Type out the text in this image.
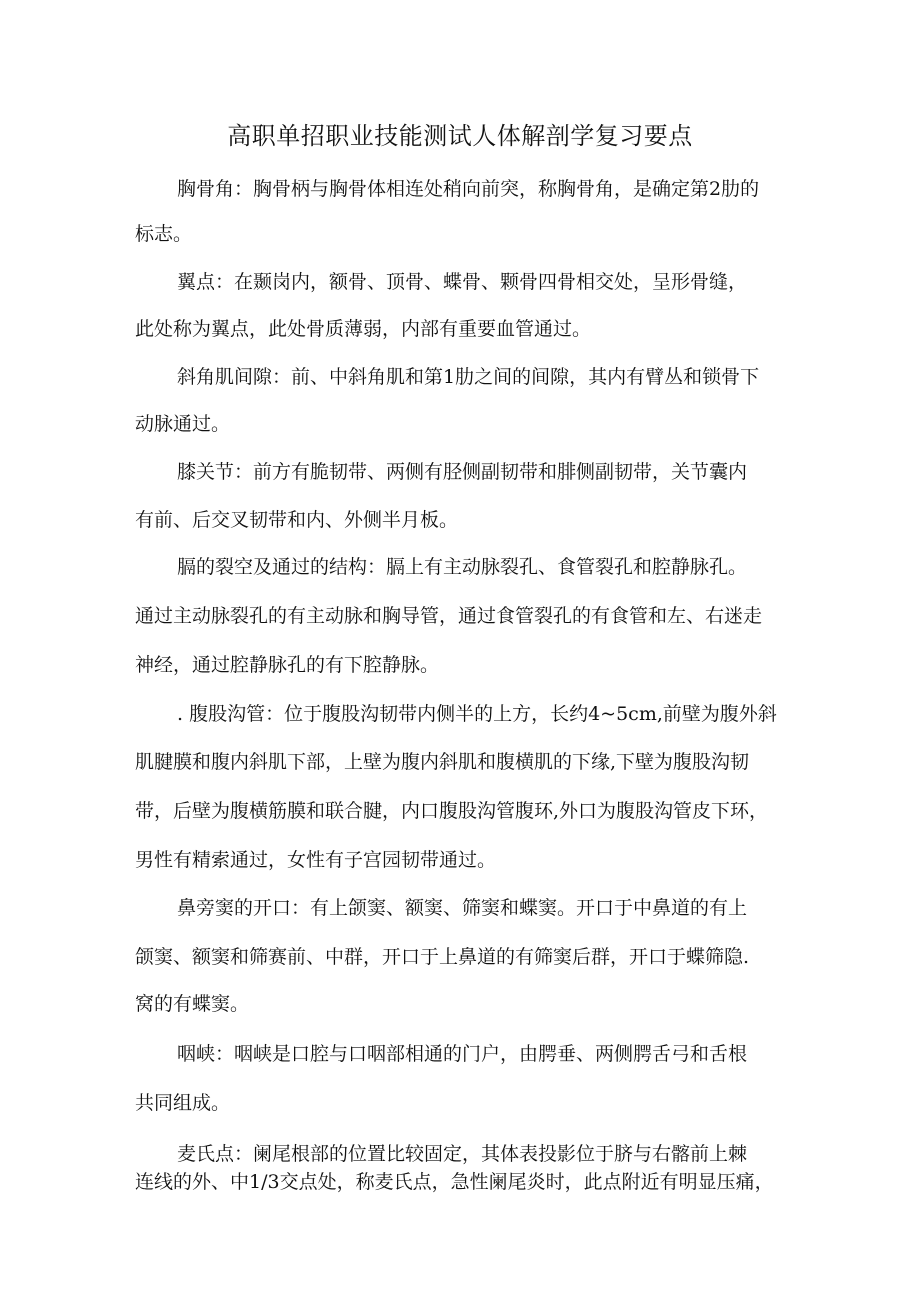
高职单招职业技能测试人体解剖学复习要点

胸骨角：胸骨柄与胸骨体相连处稍向前突，称胸骨角，是确定第2肋的

标志。

翼点：在颞岗内，额骨、顶骨、蝶骨、颗骨四骨相交处，呈形骨缝，

此处称为翼点，此处骨质薄弱，内部有重要血管通过。

斜角肌间隙：前、中斜角肌和第1肋之间的间隙，其内有臂丛和锁骨下

动脉通过。

膝关节：前方有脆韧带、两侧有胫侧副韧带和腓侧副韧带，关节囊内

有前、后交叉韧带和内、外侧半月板。

膈的裂空及通过的结构：膈上有主动脉裂孔、食管裂孔和腔静脉孔。

通过主动脉裂孔的有主动脉和胸导管，通过食管裂孔的有食管和左、右迷走

神经，通过腔静脉孔的有下腔静脉。

. 腹股沟管：位于腹股沟韧带内侧半的上方，长约4~5cm,前壁为腹外斜

肌腱膜和腹内斜肌下部，上壁为腹内斜肌和腹横肌的下缘,下壁为腹股沟韧

带，后壁为腹横筋膜和联合腱，内口腹股沟管腹环,外口为腹股沟管皮下环，

男性有精索通过，女性有子宫园韧带通过。

鼻旁窦的开口：有上颌窦、额窦、筛窦和蝶窦。开口于中鼻道的有上

颌窦、额窦和筛赛前、中群，开口于上鼻道的有筛窦后群，开口于蝶筛隐.

窝的有蝶窦。

咽峡：咽峡是口腔与口咽部相通的门户，由腭垂、两侧腭舌弓和舌根

共同组成。

麦氏点：阑尾根部的位置比较固定，其体表投影位于脐与右髂前上棘

连线的外、中1/3交点处，称麦氏点，急性阑尾炎时，此点附近有明显压痛，
